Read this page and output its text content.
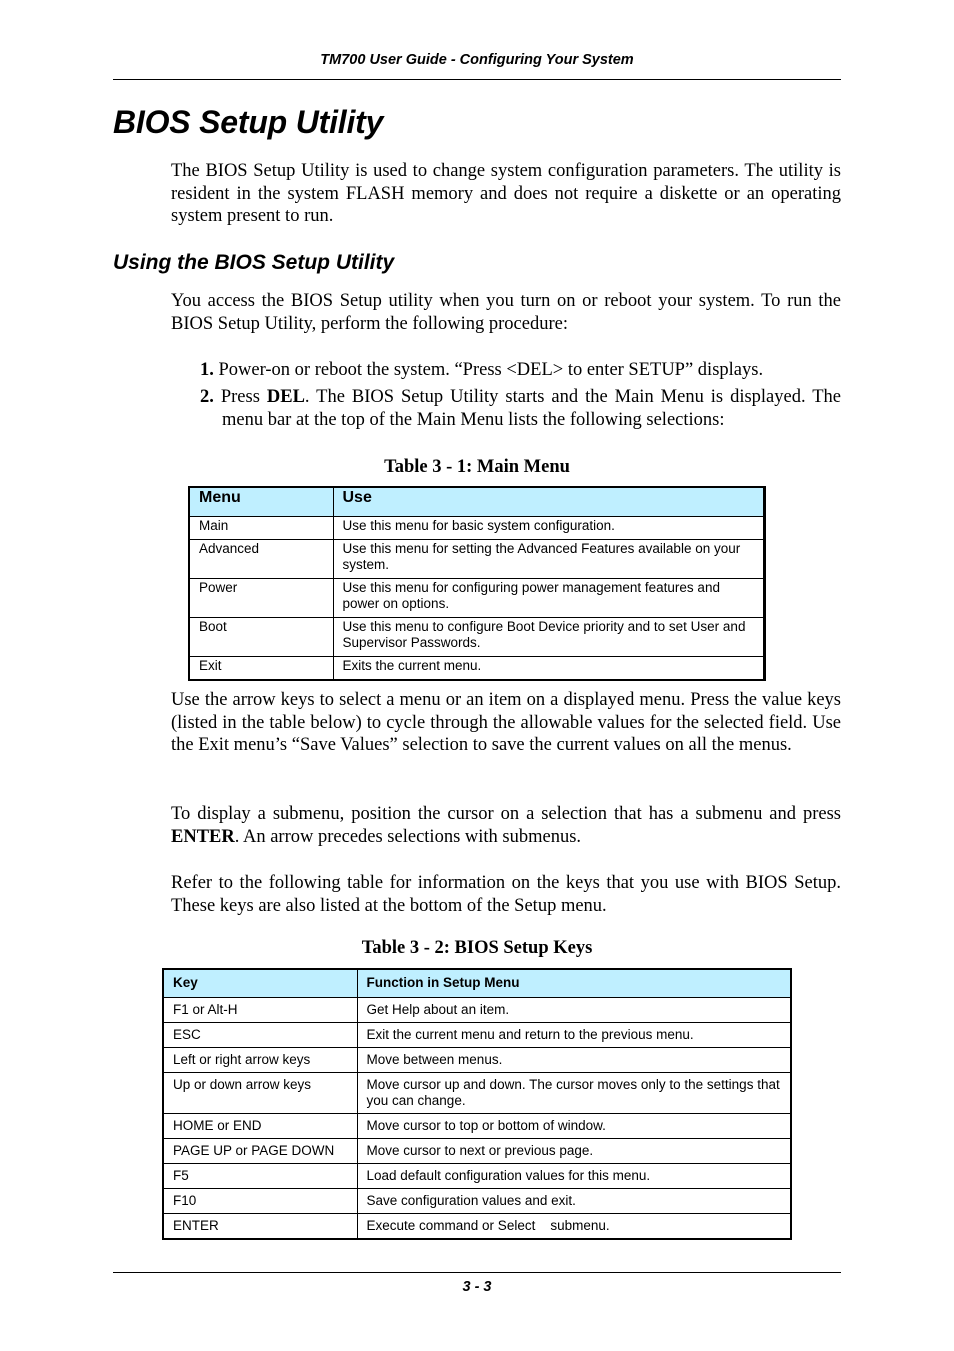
TM700 User Guide - Configuring Your System
BIOS Setup Utility

The BIOS Setup Utility is used to change system configuration parameters. The utility is resident in the system FLASH memory and does not require a diskette or an operating system present to run.

Using the BIOS Setup Utility

You access the BIOS Setup utility when you turn on or reboot your system. To run the BIOS Setup Utility, perform the following procedure:

1. Power-on or reboot the system. “Press <DEL> to enter SETUP” displays.
2. Press DEL. The BIOS Setup Utility starts and the Main Menu is displayed. The menu bar at the top of the Main Menu lists the following selections:
Table 3 - 1: Main Menu
Menu	Use
Main	Use this menu for basic system configuration.
Advanced	Use this menu for setting the Advanced Features available on your system.
Power	Use this menu for configuring power management features and power on options.
Boot	Use this menu to configure Boot Device priority and to set User and Supervisor Passwords.
Exit	Exits the current menu.

Use the arrow keys to select a menu or an item on a displayed menu. Press the value keys (listed in the table below) to cycle through the allowable values for the selected field. Use the Exit menu’s “Save Values” selection to save the current values on all the menus.

To display a submenu, position the cursor on a selection that has a submenu and press ENTER. An arrow precedes selections with submenus.

Refer to the following table for information on the keys that you use with BIOS Setup. These keys are also listed at the bottom of the Setup menu.

Table 3 - 2: BIOS Setup Keys
Key	Function in Setup Menu
F1 or Alt-H	Get Help about an item.
ESC	Exit the current menu and return to the previous menu.
Left or right arrow keys	Move between menus.
Up or down arrow keys	Move cursor up and down. The cursor moves only to the settings that you can change.
HOME or END	Move cursor to top or bottom of window.
PAGE UP or PAGE DOWN	Move cursor to next or previous page.
F5	Load default configuration values for this menu.
F10	Save configuration values and exit.
ENTER	Execute command or Select    submenu.
3 - 3
